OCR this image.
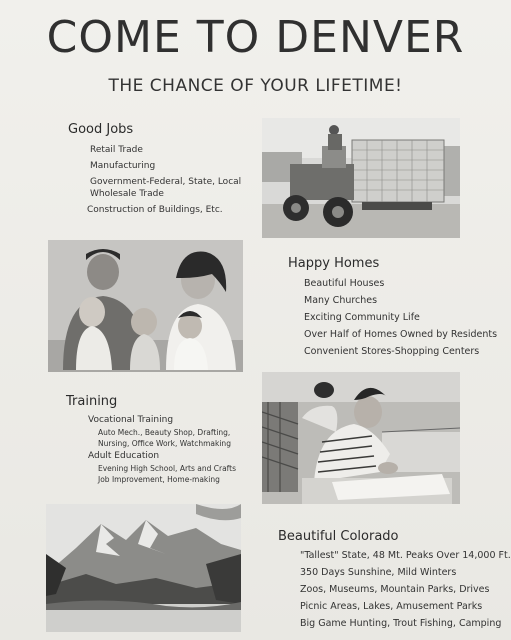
COME TO DENVER
THE CHANCE OF YOUR LIFETIME!
Good Jobs
Retail Trade
Manufacturing
Government-Federal, State, Local
Wholesale Trade
Construction of Buildings, Etc.
Happy Homes
Beautiful Houses
Many Churches
Exciting Community Life
Over Half of Homes Owned by Residents
Convenient Stores-Shopping Centers
Training
Vocational Training
Auto Mech., Beauty Shop, Drafting,
Nursing, Office Work, Watchmaking
Adult Education
Evening High School, Arts and Crafts
Job Improvement, Home-making
Beautiful Colorado
"Tallest" State, 48 Mt. Peaks Over 14,000 Ft.
350 Days Sunshine, Mild Winters
Zoos, Museums, Mountain Parks, Drives
Picnic Areas, Lakes, Amusement Parks
Big Game Hunting, Trout Fishing, Camping
